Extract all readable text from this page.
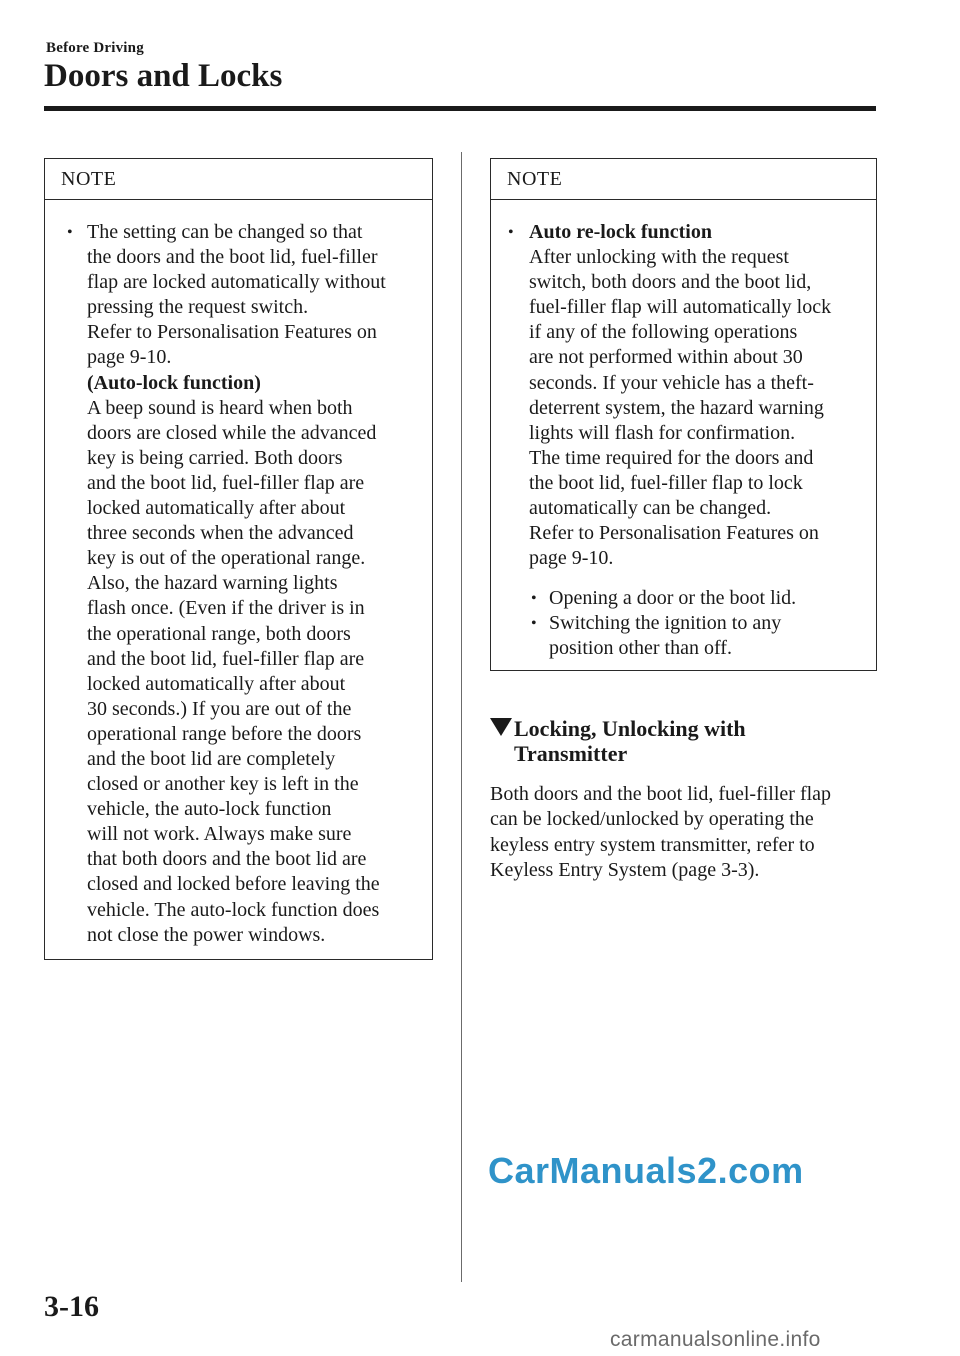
Before Driving
Doors and Locks
NOTE
• The setting can be changed so that
the doors and the boot lid, fuel-filler
flap are locked automatically without
pressing the request switch.
Refer to Personalisation Features on
page 9-10.
(Auto-lock function)
A beep sound is heard when both
doors are closed while the advanced
key is being carried. Both doors
and the boot lid, fuel-filler flap are
locked automatically after about
three seconds when the advanced
key is out of the operational range.
Also, the hazard warning lights
flash once. (Even if the driver is in
the operational range, both doors
and the boot lid, fuel-filler flap are
locked automatically after about
30 seconds.) If you are out of the
operational range before the doors
and the boot lid are completely
closed or another key is left in the
vehicle, the auto-lock function
will not work. Always make sure
that both doors and the boot lid are
closed and locked before leaving the
vehicle. The auto-lock function does
not close the power windows.
NOTE
• Auto re-lock function
After unlocking with the request
switch, both doors and the boot lid,
fuel-filler flap will automatically lock
if any of the following operations
are not performed within about 30
seconds. If your vehicle has a theft-
deterrent system, the hazard warning
lights will flash for confirmation.
The time required for the doors and
the boot lid, fuel-filler flap to lock
automatically can be changed.
Refer to Personalisation Features on
page 9-10.
• Opening a door or the boot lid.
• Switching the ignition to any
position other than off.
Locking, Unlocking with
Transmitter
Both doors and the boot lid, fuel-filler flap
can be locked/unlocked by operating the
keyless entry system transmitter, refer to
Keyless Entry System (page 3-3).
3-16
CarManuals2.com
carmanualsonline.info
